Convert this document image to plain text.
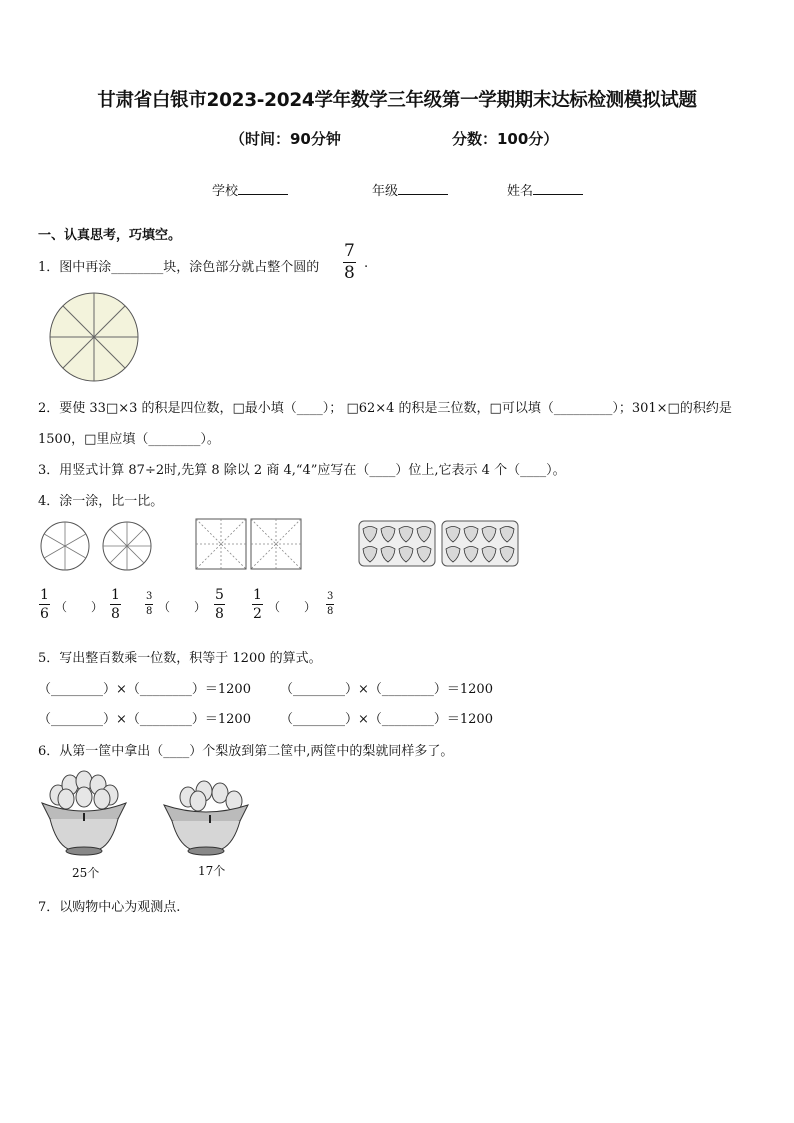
甘肃省白银市2023-2024学年数学三年级第一学期期末达标检测模拟试题
（时间：90分钟	分数：100分）
学校	年级	姓名
一、认真思考，巧填空。
1．图中再涂________块，涂色部分就占整个圆的 $\frac{7}{8}$ .
2．要使 33□×3 的积是四位数，□最小填（____）； □62×4 的积是三位数，□可以填（_________）；301×□的积约是
1500，□里应填（________）。
3．用竖式计算 87÷2时,先算 8 除以 2 商 4,“4”应写在（____）位上,它表示 4 个（____）。
4．涂一涂，比一比。
$\frac{1}{6}$ （　　） $\frac{1}{8} \frac{3}{8}$ （　　） $\frac{5}{8} \frac{1}{2}$ （　　） $\frac{3}{8}$
5．写出整百数乘一位数，积等于 1200 的算式。
（________）×（________）＝1200 （________）×（________）＝1200
（________）×（________）＝1200 （________）×（________）＝1200
6．从第一筐中拿出（____）个梨放到第二筐中,两筐中的梨就同样多了。
25个	17个
7．以购物中心为观测点.
